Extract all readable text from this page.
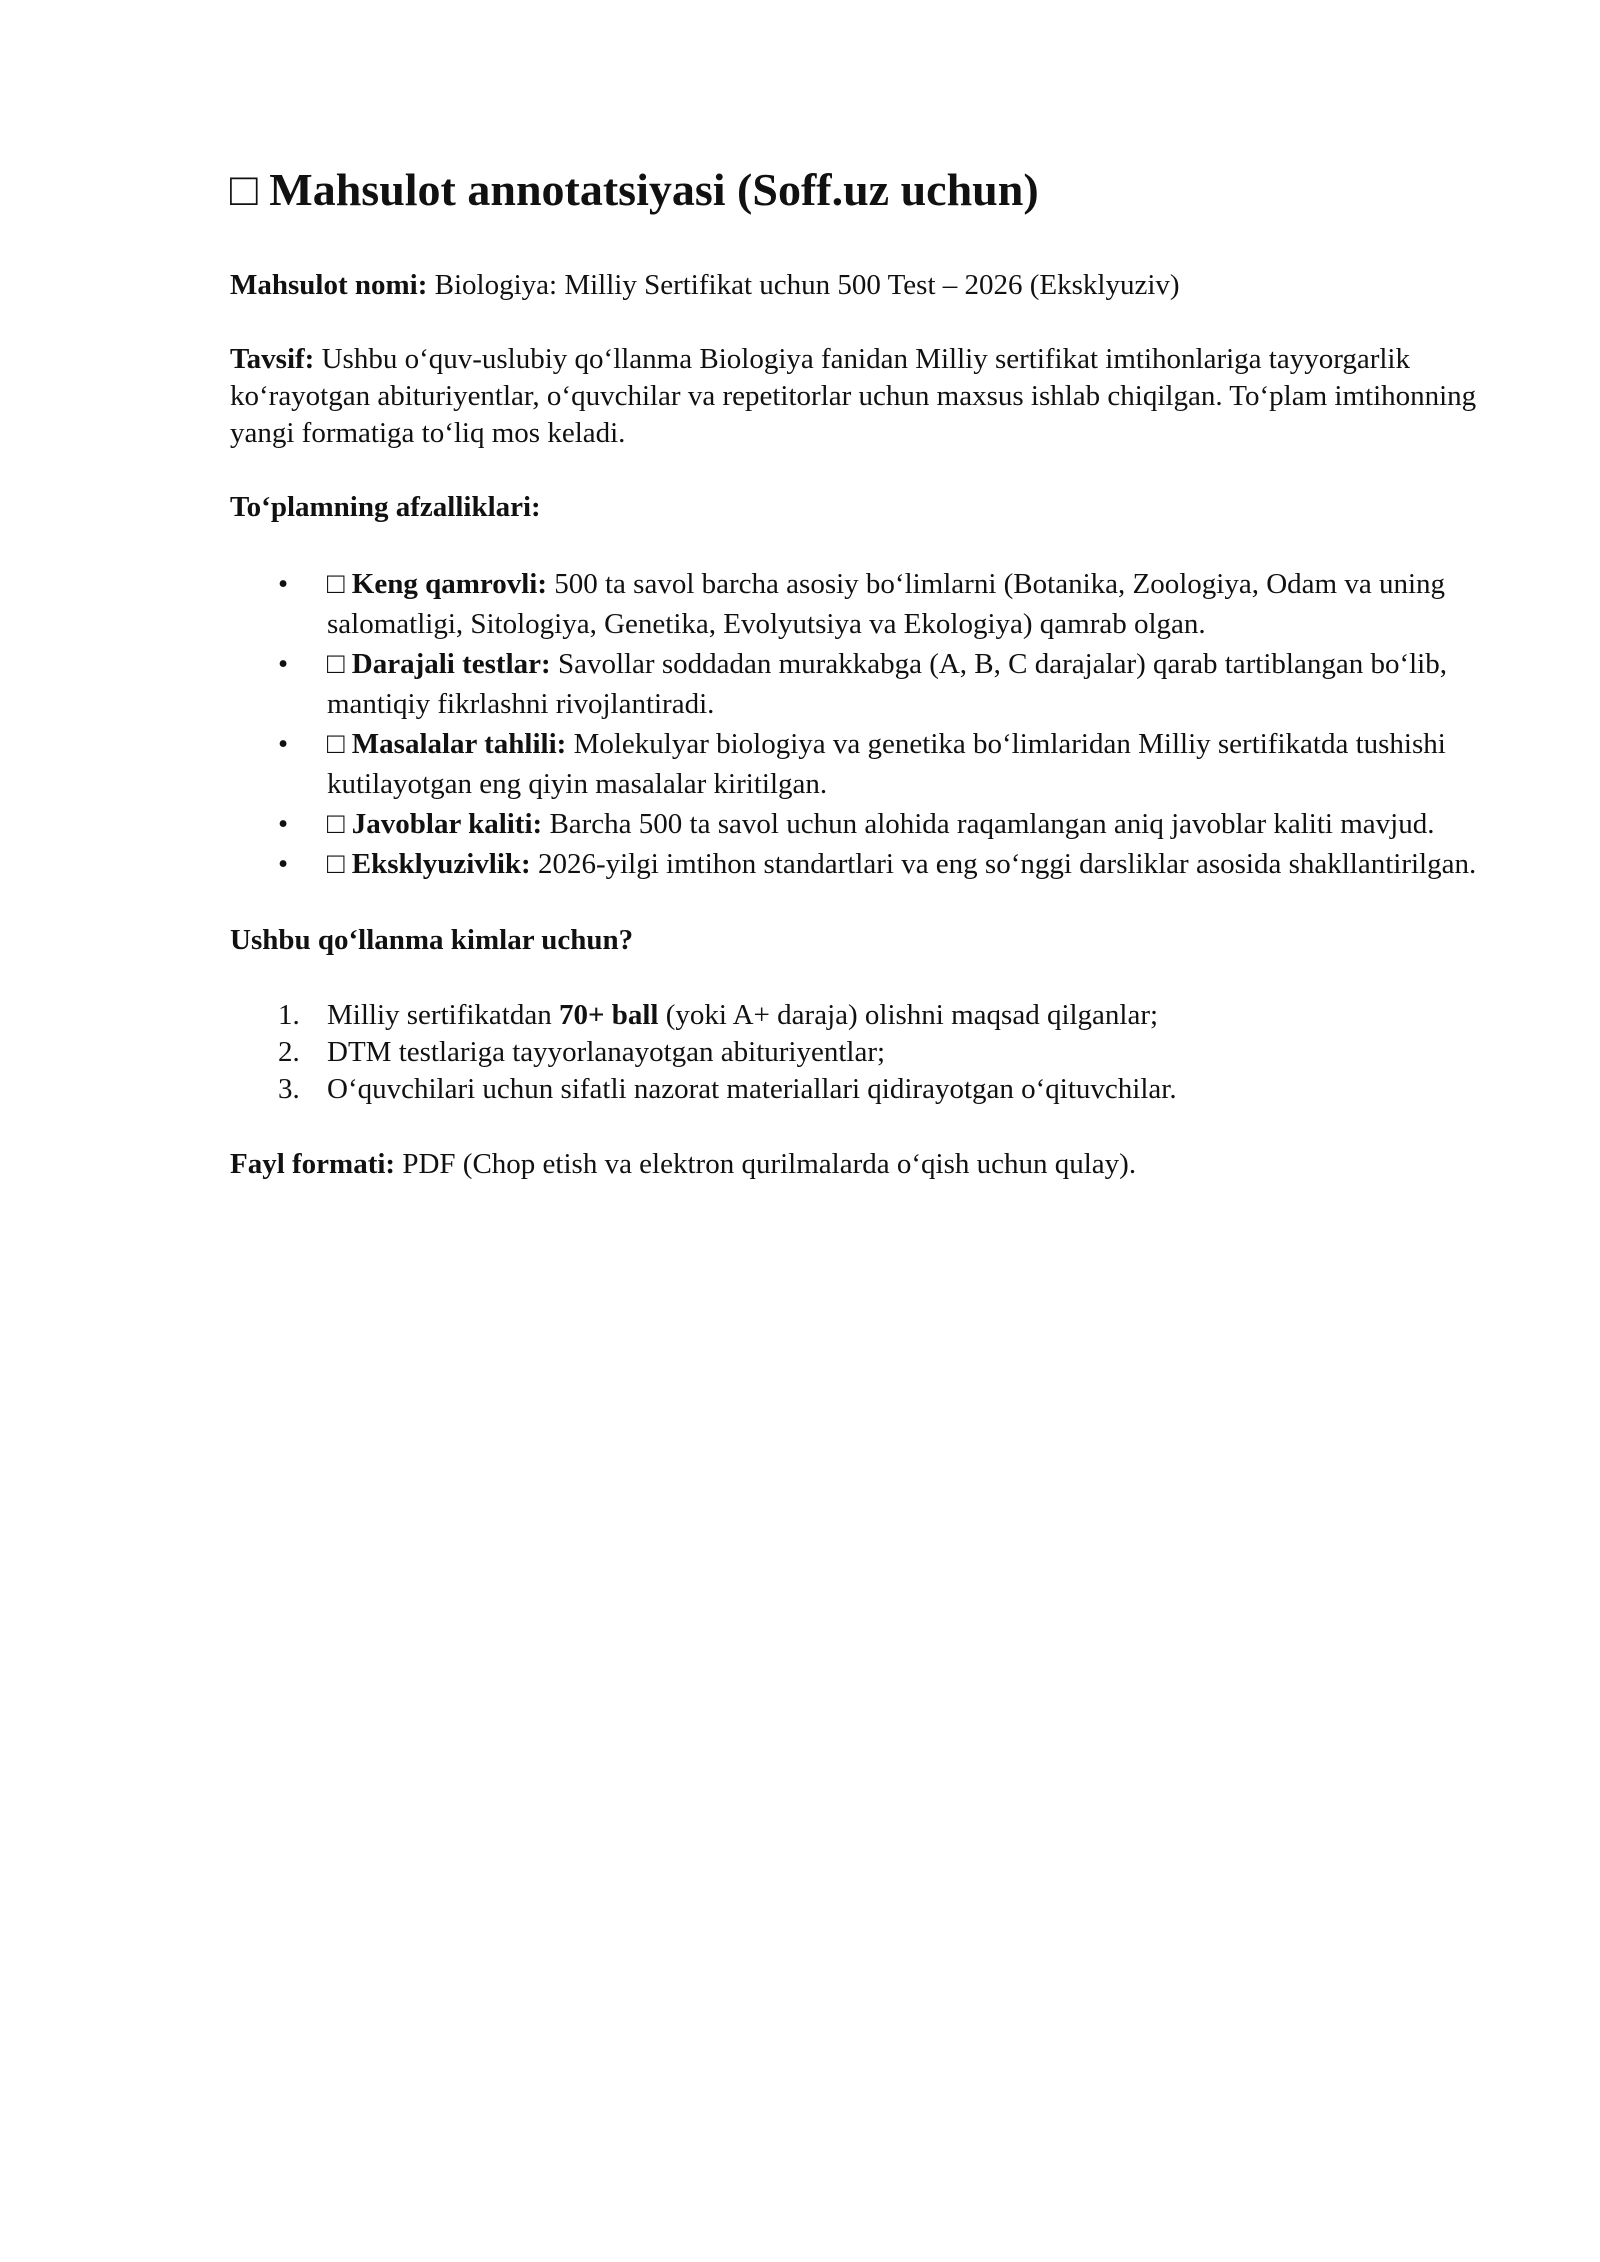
□ Mahsulot annotatsiyasi (Soff.uz uchun)

Mahsulot nomi: Biologiya: Milliy Sertifikat uchun 500 Test – 2026 (Eksklyuziv)

Tavsif: Ushbu o‘quv-uslubiy qo‘llanma Biologiya fanidan Milliy sertifikat imtihonlariga tayyorgarlik ko‘rayotgan abituriyentlar, o‘quvchilar va repetitorlar uchun maxsus ishlab chiqilgan. To‘plam imtihonning yangi formatiga to‘liq mos keladi.

To‘plamning afzalliklari:

• □ Keng qamrovli: 500 ta savol barcha asosiy bo‘limlarni (Botanika, Zoologiya, Odam va uning salomatligi, Sitologiya, Genetika, Evolyutsiya va Ekologiya) qamrab olgan.
• □ Darajali testlar: Savollar soddadan murakkabga (A, B, C darajalar) qarab tartiblangan bo‘lib, mantiqiy fikrlashni rivojlantiradi.
• □ Masalalar tahlili: Molekulyar biologiya va genetika bo‘limlaridan Milliy sertifikatda tushishi kutilayotgan eng qiyin masalalar kiritilgan.
• □ Javoblar kaliti: Barcha 500 ta savol uchun alohida raqamlangan aniq javoblar kaliti mavjud.
• □ Eksklyuzivlik: 2026-yilgi imtihon standartlari va eng so‘nggi darsliklar asosida shakllantirilgan.

Ushbu qo‘llanma kimlar uchun?

1. Milliy sertifikatdan 70+ ball (yoki A+ daraja) olishni maqsad qilganlar;
2. DTM testlariga tayyorlanayotgan abituriyentlar;
3. O‘quvchilari uchun sifatli nazorat materiallari qidirayotgan o‘qituvchilar.

Fayl formati: PDF (Chop etish va elektron qurilmalarda o‘qish uchun qulay).
